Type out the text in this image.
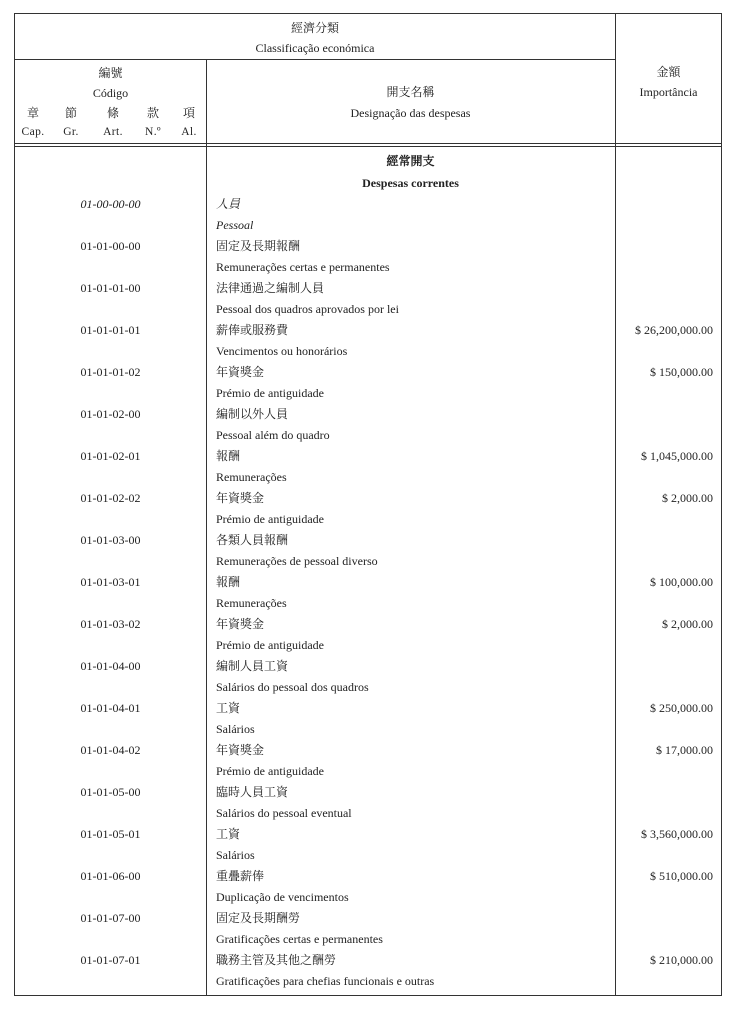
經濟分類
Classificação económica
編號
Código
章	節	條	款	項
Cap.	Gr.	Art.	N.º	Al.
開支名稱
Designação das despesas
金額
Importância
經常開支
Despesas correntes
01-00-00-00	人員
Pessoal
01-01-00-00	固定及長期報酬
Remunerações certas e permanentes
01-01-01-00	法律通過之編制人員
Pessoal dos quadros aprovados por lei
01-01-01-01	薪俸或服務費
Vencimentos ou honorários
$ 26,200,000.00
01-01-01-02	年資獎金
Prémio de antiguidade
$ 150,000.00
01-01-02-00	編制以外人員
Pessoal além do quadro
01-01-02-01	報酬
Remunerações
$ 1,045,000.00
01-01-02-02	年資獎金
Prémio de antiguidade
$ 2,000.00
01-01-03-00	各類人員報酬
Remunerações de pessoal diverso
01-01-03-01	報酬
Remunerações
$ 100,000.00
01-01-03-02	年資獎金
Prémio de antiguidade
$ 2,000.00
01-01-04-00	編制人員工資
Salários do pessoal dos quadros
01-01-04-01	工資
Salários
$ 250,000.00
01-01-04-02	年資獎金
Prémio de antiguidade
$ 17,000.00
01-01-05-00	臨時人員工資
Salários do pessoal eventual
01-01-05-01	工資
Salários
$ 3,560,000.00
01-01-06-00	重疊薪俸
Duplicação de vencimentos
$ 510,000.00
01-01-07-00	固定及長期酬勞
Gratificações certas e permanentes
01-01-07-01	職務主管及其他之酬勞
Gratificações para chefias funcionais e outras
$ 210,000.00
